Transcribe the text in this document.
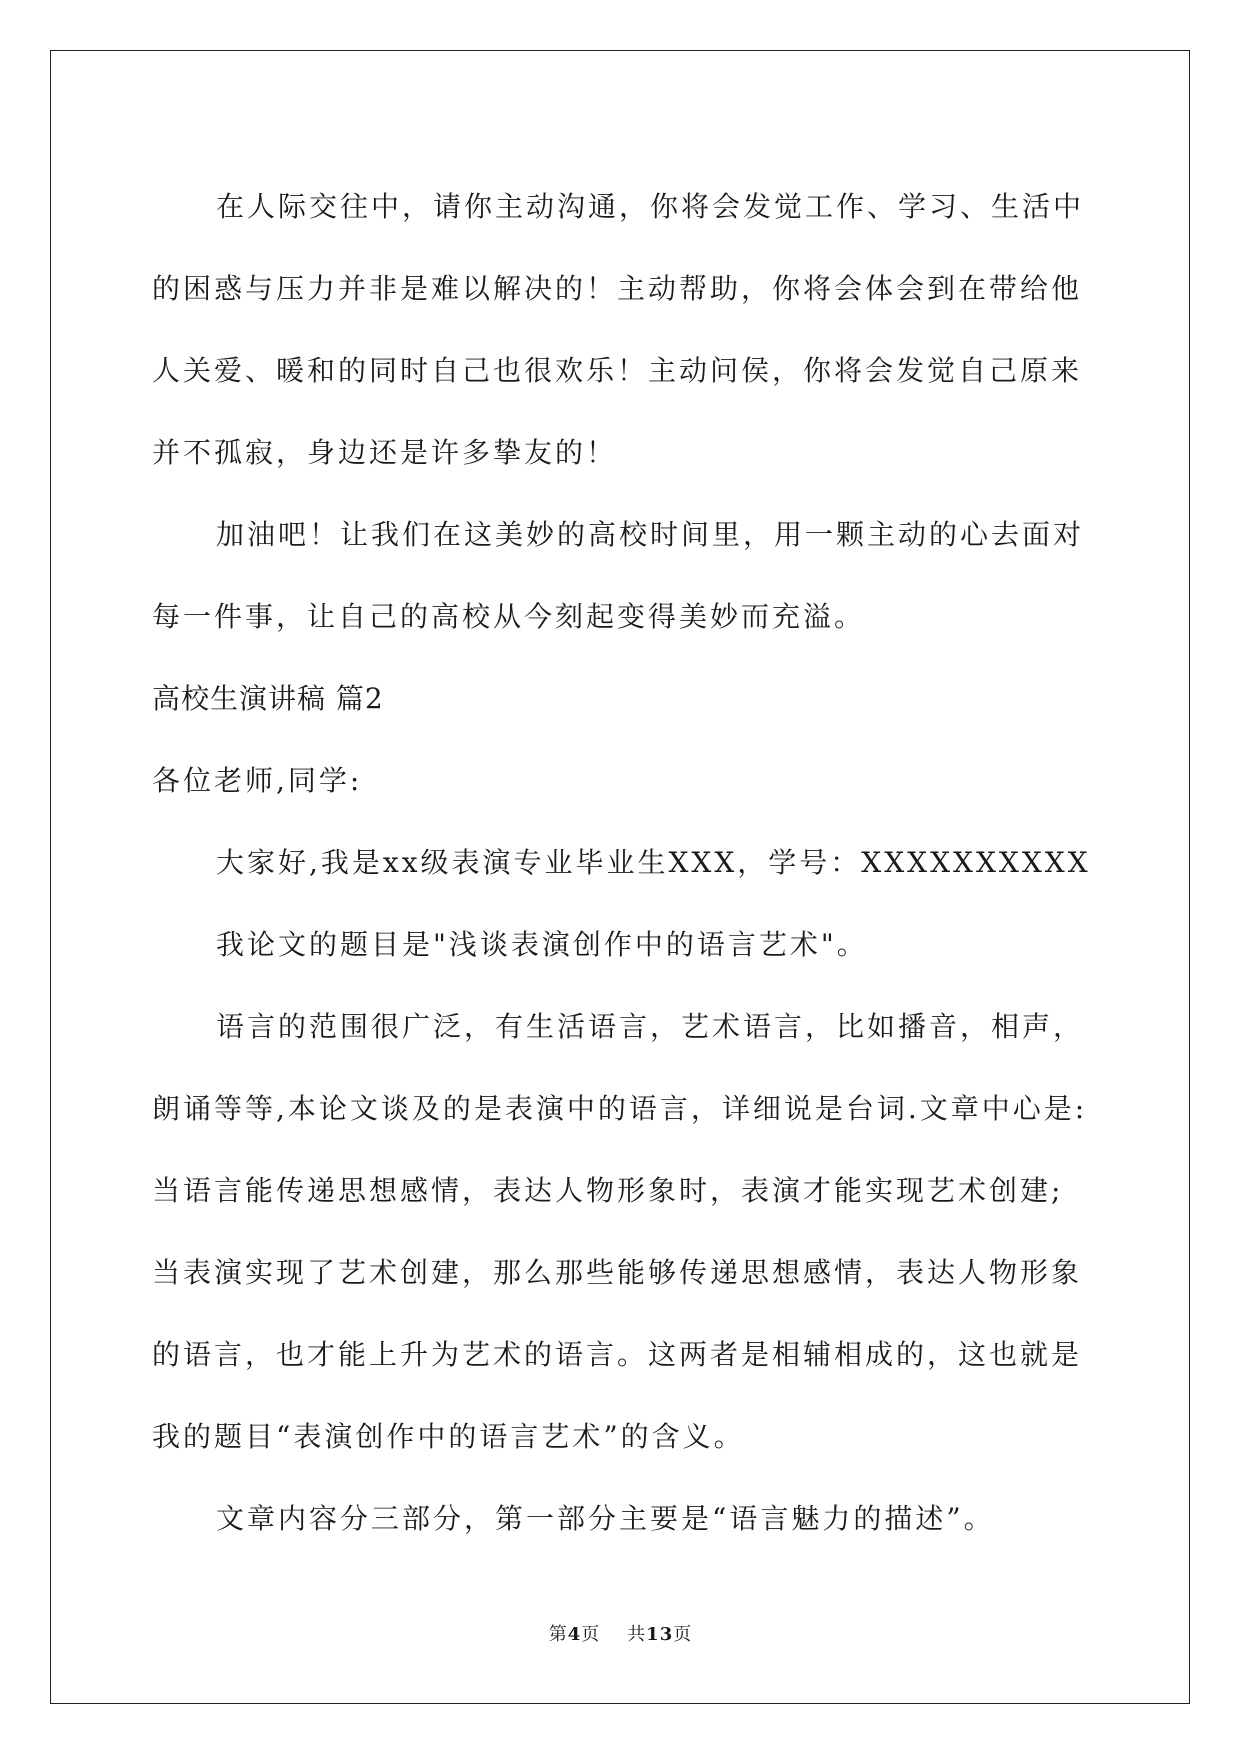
在人际交往中，请你主动沟通，你将会发觉工作、学习、生活中的困惑与压力并非是难以解决的！主动帮助，你将会体会到在带给他人关爱、暖和的同时自己也很欢乐！主动问侯，你将会发觉自己原来并不孤寂，身边还是许多挚友的！

加油吧！让我们在这美妙的高校时间里，用一颗主动的心去面对每一件事，让自己的高校从今刻起变得美妙而充溢。

高校生演讲稿 篇2

各位老师,同学:

大家好,我是xx级表演专业毕业生XXX，学号：XXXXXXXXXX

我论文的题目是"浅谈表演创作中的语言艺术"。

语言的范围很广泛，有生活语言，艺术语言，比如播音，相声，朗诵等等,本论文谈及的是表演中的语言，详细说是台词.文章中心是:当语言能传递思想感情，表达人物形象时，表演才能实现艺术创建;当表演实现了艺术创建，那么那些能够传递思想感情，表达人物形象的语言，也才能上升为艺术的语言。这两者是相辅相成的，这也就是我的题目“表演创作中的语言艺术”的含义。

文章内容分三部分，第一部分主要是“语言魅力的描述”。

第4页 共13页
